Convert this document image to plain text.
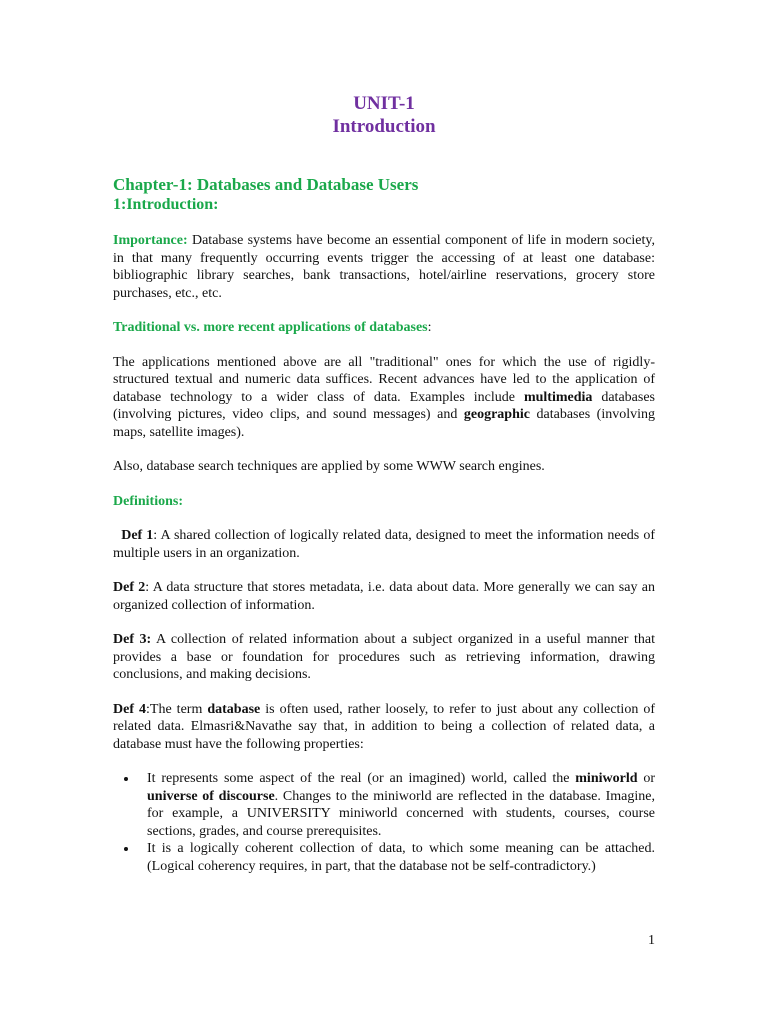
UNIT-1
Introduction
Chapter-1: Databases and Database Users
1:Introduction:

Importance: Database systems have become an essential component of life in modern society, in that many frequently occurring events trigger the accessing of at least one database: bibliographic library searches, bank transactions, hotel/airline reservations, grocery store purchases, etc., etc.

Traditional vs. more recent applications of databases:

The applications mentioned above are all "traditional" ones for which the use of rigidly-structured textual and numeric data suffices. Recent advances have led to the application of database technology to a wider class of data. Examples include multimedia databases (involving pictures, video clips, and sound messages) and geographic databases (involving maps, satellite images).

Also, database search techniques are applied by some WWW search engines.

Definitions:

Def 1: A shared collection of logically related data, designed to meet the information needs of multiple users in an organization.

Def 2: A data structure that stores metadata, i.e. data about data. More generally we can say an organized collection of information.

Def 3: A collection of related information about a subject organized in a useful manner that provides a base or foundation for procedures such as retrieving information, drawing conclusions, and making decisions.

Def 4:The term database is often used, rather loosely, to refer to just about any collection of related data. Elmasri&Navathe say that, in addition to being a collection of related data, a database must have the following properties:

• It represents some aspect of the real (or an imagined) world, called the miniworld or universe of discourse. Changes to the miniworld are reflected in the database. Imagine, for example, a UNIVERSITY miniworld concerned with students, courses, course sections, grades, and course prerequisites.
• It is a logically coherent collection of data, to which some meaning can be attached. (Logical coherency requires, in part, that the database not be self-contradictory.)
1
